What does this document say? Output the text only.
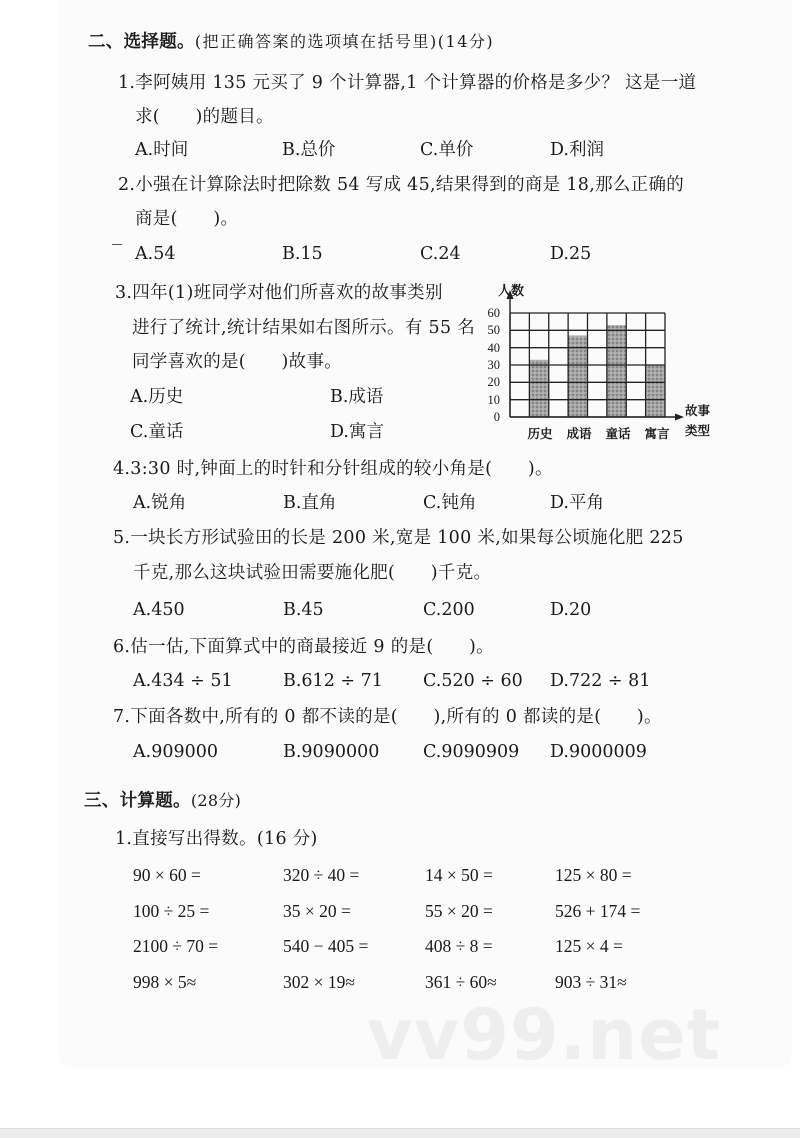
二、选择题。(把正确答案的选项填在括号里)(14分)
1.李阿姨用 135 元买了 9 个计算器,1 个计算器的价格是多少？ 这是一道
求(　　)的题目。
A.时间	B.总价	C.单价	D.利润
2.小强在计算除法时把除数 54 写成 45,结果得到的商是 18,那么正确的
商是(　　)。
A.54	B.15	C.24	D.25
3.四年(1)班同学对他们所喜欢的故事类别
进行了统计,统计结果如右图所示。有 55 名
同学喜欢的是(　　)故事。
A.历史	B.成语
C.童话	D.寓言
人数
60
50
40
30
20
10
0
历史	成语	童话	寓言
故事
类型
4.3:30 时,钟面上的时针和分针组成的较小角是(　　)。
A.锐角	B.直角	C.钝角	D.平角
5.一块长方形试验田的长是 200 米,宽是 100 米,如果每公顷施化肥 225
千克,那么这块试验田需要施化肥(　　)千克。
A.450	B.45	C.200	D.20
6.估一估,下面算式中的商最接近 9 的是(　　)。
A.434 ÷ 51	B.612 ÷ 71 C.520 ÷ 60 D.722 ÷ 81
7.下面各数中,所有的 0 都不读的是(　　),所有的 0 都读的是(　　)。
A.909000	B.9090000 C.9090909 D.9000009
三、计算题。(28分)
1.直接写出得数。(16 分)
90 × 60 =	320 ÷ 40 =	14 × 50 =	125 × 80 =
100 ÷ 25 =	35 × 20 =	55 × 20 =	526 + 174 =
2100 ÷ 70 =	540 − 405 =	408 ÷ 8 =	125 × 4 =
998 × 5≈	302 × 19≈	361 ÷ 60≈	903 ÷ 31≈
vv99.net
